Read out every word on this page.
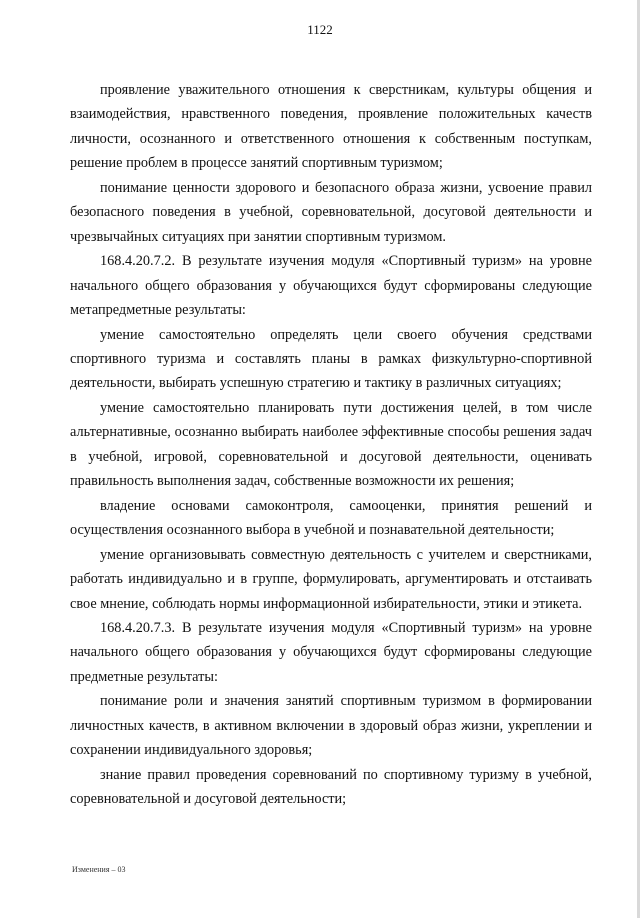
1122

проявление уважительного отношения к сверстникам, культуры общения и взаимодействия, нравственного поведения, проявление положительных качеств личности, осознанного и ответственного отношения к собственным поступкам, решение проблем в процессе занятий спортивным туризмом;

понимание ценности здорового и безопасного образа жизни, усвоение правил безопасного поведения в учебной, соревновательной, досуговой деятельности и чрезвычайных ситуациях при занятии спортивным туризмом.

168.4.20.7.2. В результате изучения модуля «Спортивный туризм» на уровне начального общего образования у обучающихся будут сформированы следующие метапредметные результаты:

умение самостоятельно определять цели своего обучения средствами спортивного туризма и составлять планы в рамках физкультурно-спортивной деятельности, выбирать успешную стратегию и тактику в различных ситуациях;

умение самостоятельно планировать пути достижения целей, в том числе альтернативные, осознанно выбирать наиболее эффективные способы решения задач в учебной, игровой, соревновательной и досуговой деятельности, оценивать правильность выполнения задач, собственные возможности их решения;

владение основами самоконтроля, самооценки, принятия решений и осуществления осознанного выбора в учебной и познавательной деятельности;

умение организовывать совместную деятельность с учителем и сверстниками, работать индивидуально и в группе, формулировать, аргументировать и отстаивать свое мнение, соблюдать нормы информационной избирательности, этики и этикета.

168.4.20.7.3. В результате изучения модуля «Спортивный туризм» на уровне начального общего образования у обучающихся будут сформированы следующие предметные результаты:

понимание роли и значения занятий спортивным туризмом в формировании личностных качеств, в активном включении в здоровый образ жизни, укреплении и сохранении индивидуального здоровья;

знание правил проведения соревнований по спортивному туризму в учебной, соревновательной и досуговой деятельности;

Изменения – 03
